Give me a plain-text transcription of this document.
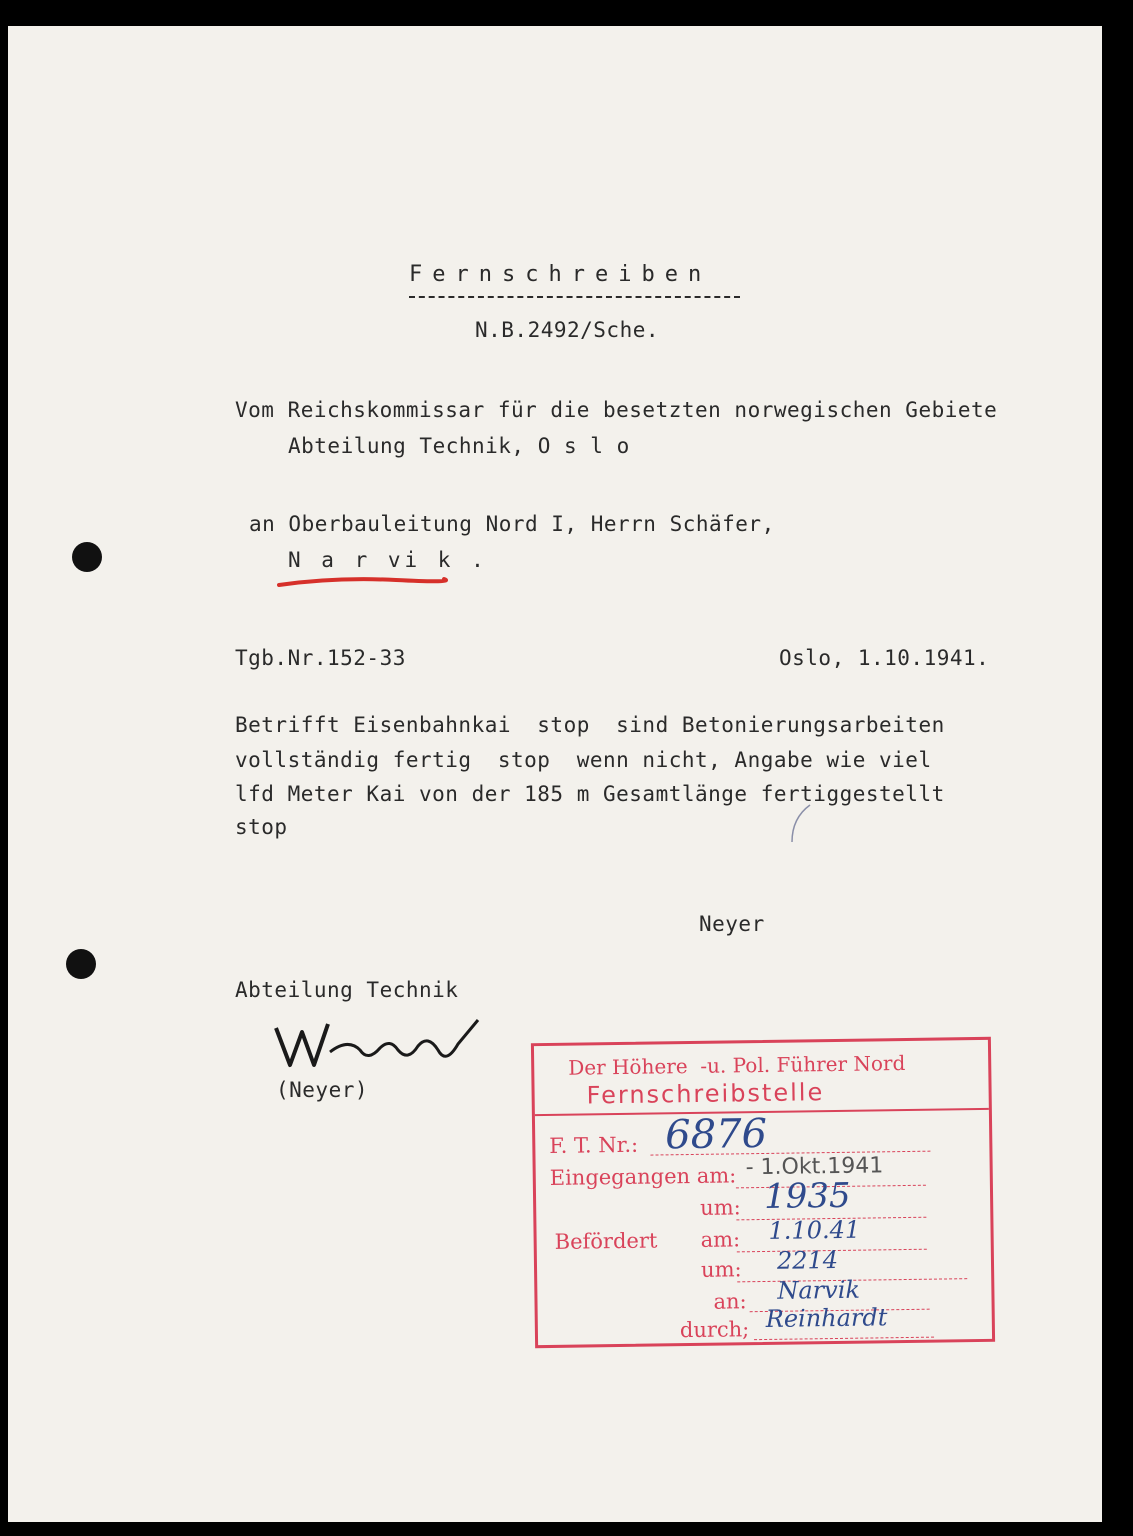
Fernschreiben
N.B.2492/Sche.
Vom Reichskommissar für die besetzten norwegischen Gebiete
Abteilung Technik, O s l o
an Oberbauleitung Nord I, Herrn Schäfer,
N a r vi k .
Tgb.Nr.152-33	Oslo, 1.10.1941.
Betrifft Eisenbahnkai  stop  sind Betonierungsarbeiten
vollständig fertig  stop  wenn nicht, Angabe wie viel
lfd Meter Kai von der 185 m Gesamtlänge fertiggestellt
stop
Neyer
Abteilung Technik
(Neyer)
Der Höhere  -u. Pol. Führer Nord
Fernschreibstelle
F. T. Nr.: 6876
Eingegangen am: - 1.Okt.1941
um: 1935
Befördert am: 1.10.41
um: 2214
an: Narvik
durch; Reinhardt
